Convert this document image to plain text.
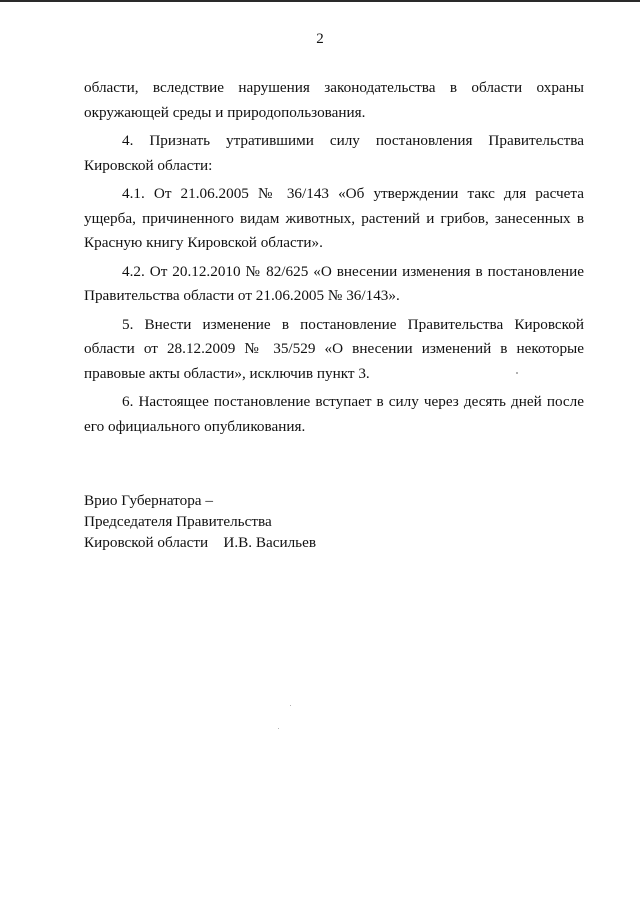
2

области, вследствие нарушения законодательства в области охраны окружающей среды и природопользования.

4. Признать утратившими силу постановления Правительства Кировской области:

4.1. От 21.06.2005 № 36/143 «Об утверждении такс для расчета ущерба, причиненного видам животных, растений и грибов, занесенных в Красную книгу Кировской области».

4.2. От 20.12.2010 № 82/625 «О внесении изменения в постановление Правительства области от 21.06.2005 № 36/143».

5. Внести изменение в постановление Правительства Кировской области от 28.12.2009 № 35/529 «О внесении изменений в некоторые правовые акты области», исключив пункт 3.

6. Настоящее постановление вступает в силу через десять дней после его официального опубликования.

Врио Губернатора –
Председателя Правительства
Кировской области    И.В. Васильев
